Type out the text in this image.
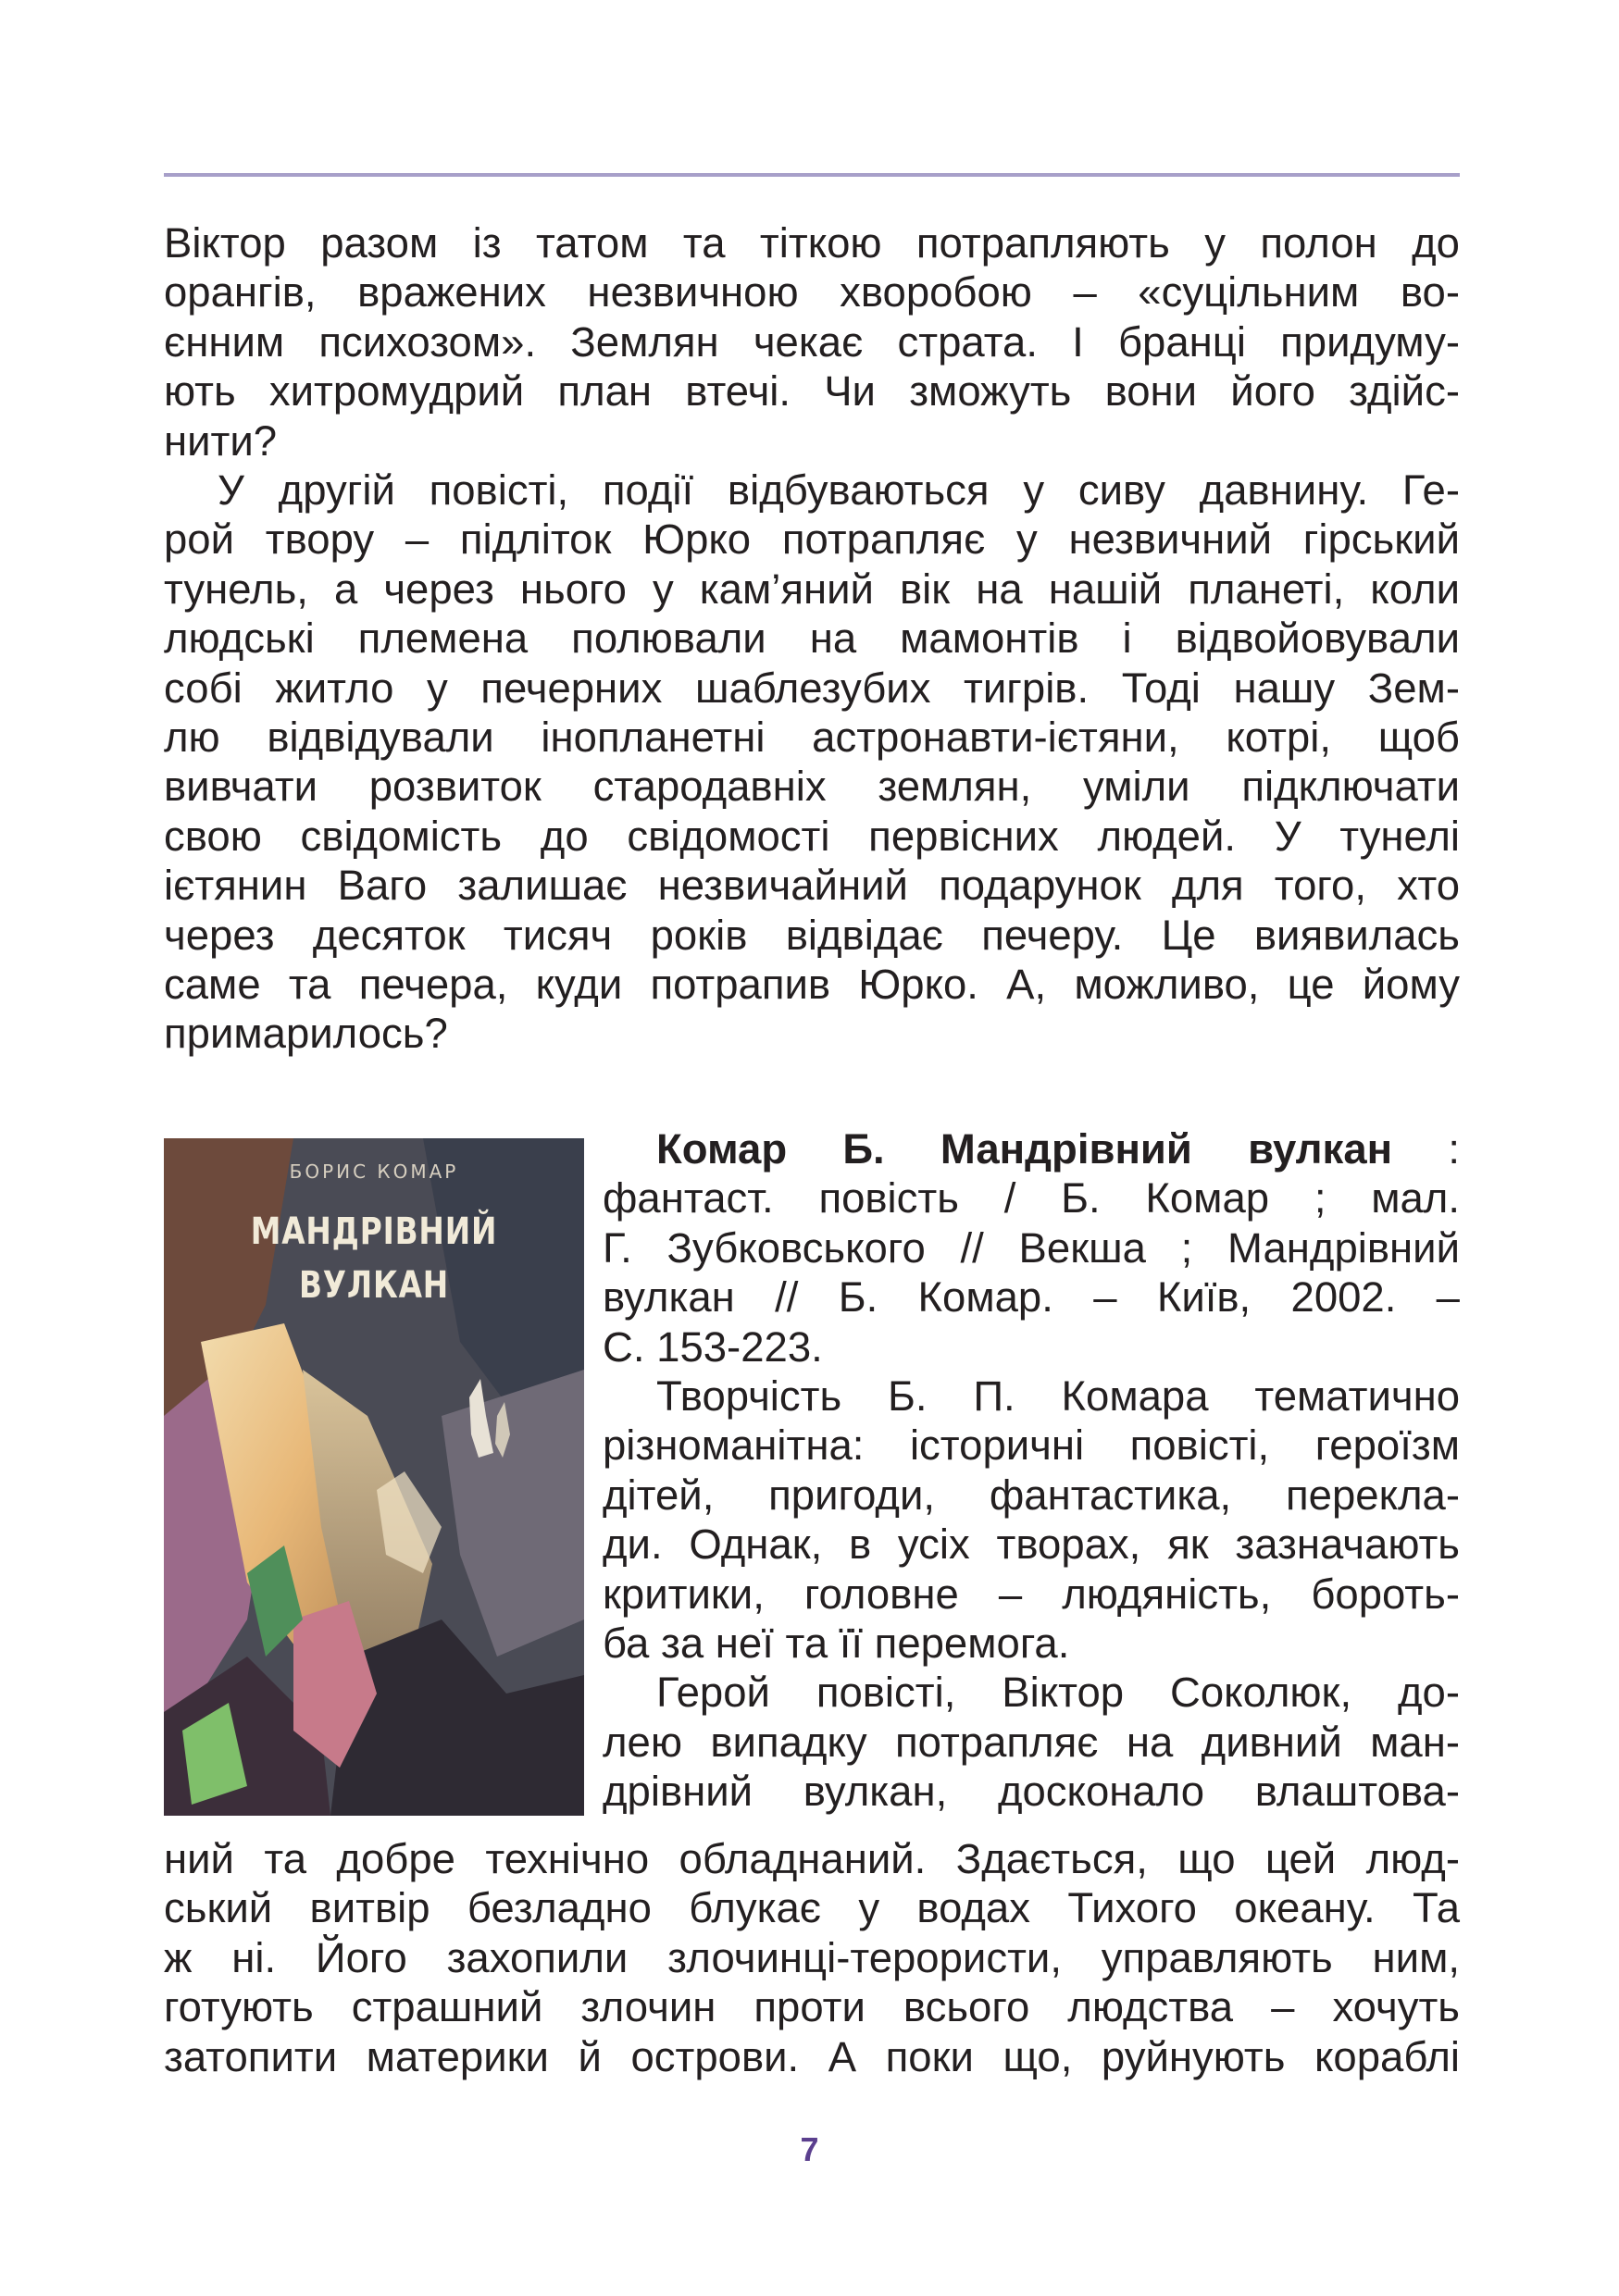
Віктор разом із татом та тіткою потрапляють у полон до
орангів, вражених незвичною хворобою – «суцільним во-
єнним психозом». Землян чекає страта. І бранці придуму-
ють хитромудрий план втечі. Чи зможуть вони його здійс-
нити?

У другій повісті, події відбуваються у сиву давнину. Ге-
рой твору – підліток Юрко потрапляє у незвичний гірський
тунель, а через нього у кам’яний вік на нашій планеті, коли
людські племена полювали на мамонтів і відвойовували
собі житло у печерних шаблезубих тигрів. Тоді нашу Зем-
лю відвідували інопланетні астронавти-ієтяни, котрі, щоб
вивчати розвиток стародавніх землян, уміли підключати
свою свідомість до свідомості первісних людей. У тунелі
ієтянин Ваго залишає незвичайний подарунок для того, хто
через десяток тисяч років відвідає печеру. Це виявилась
саме та печера, куди потрапив Юрко. А, можливо, це йому
примарилось?

БОРИС КОМАР
МАНДРІВНИЙ
ВУЛКАН
Комар Б. Мандрівний вулкан :
фантаст. повість / Б. Комар ; мал.
Г. Зубковського // Векша ; Мандрівний
вулкан // Б. Комар. – Київ, 2002. –
С. 153-223.
Творчість Б. П. Комара тематично
різноманітна: історичні повісті, героїзм
дітей, пригоди, фантастика, перекла-
ди. Однак, в усіх творах, як зазначають
критики, головне – людяність, бороть-
ба за неї та її перемога.
Герой повісті, Віктор Соколюк, до-
лею випадку потрапляє на дивний ман-
дрівний вулкан, досконало влаштова-

ний та добре технічно обладнаний. Здається, що цей люд-
ський витвір безладно блукає у водах Тихого океану. Та
ж ні. Його захопили злочинці-терористи, управляють ним,
готують страшний злочин проти всього людства – хочуть
затопити материки й острови. А поки що, руйнують кораблі

7
